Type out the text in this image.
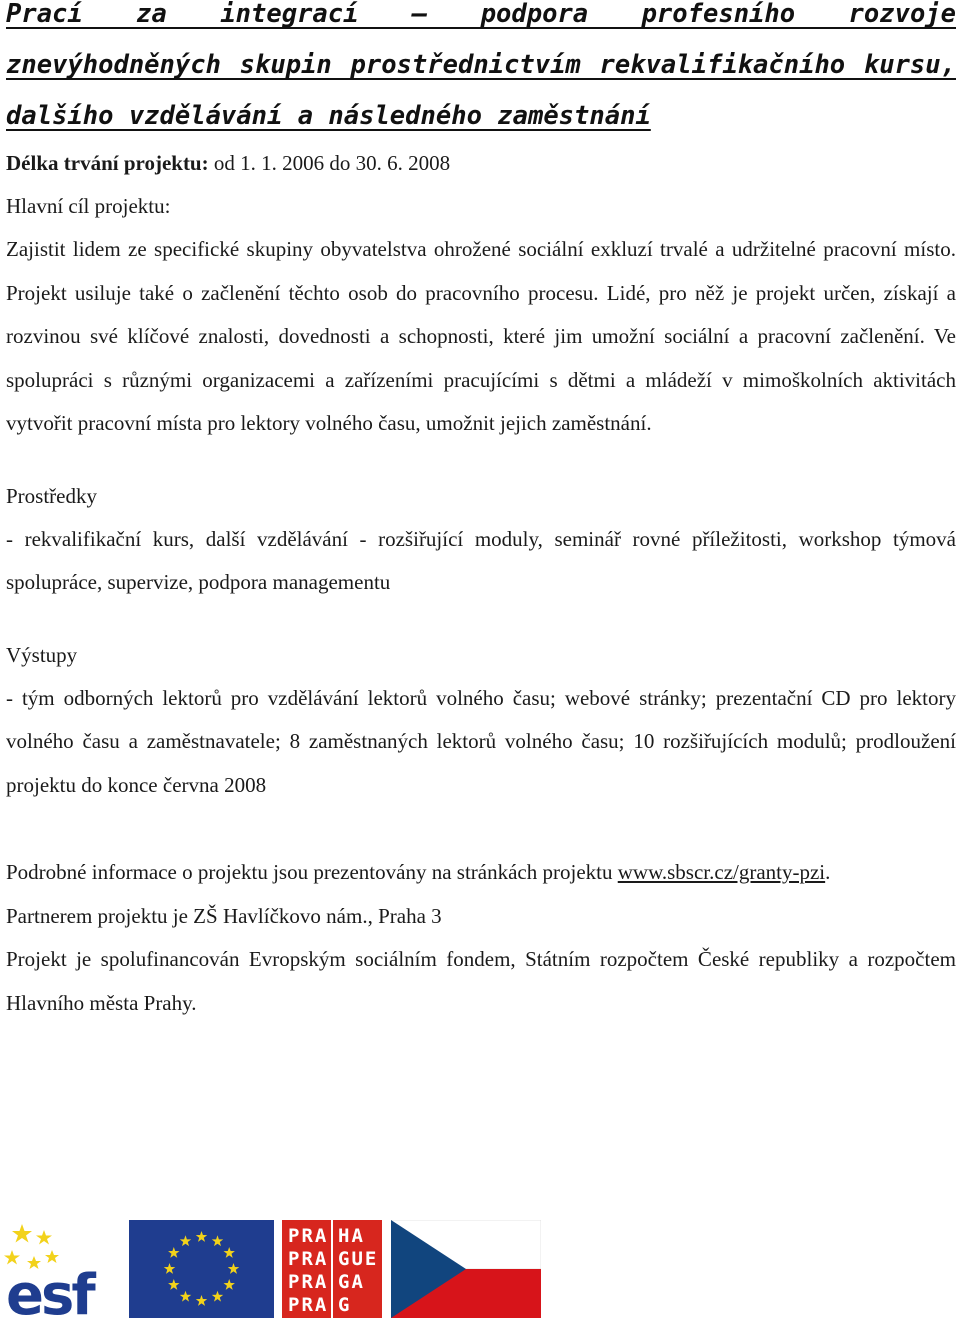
Prací za integrací – podpora profesního rozvoje znevýhodněných skupin prostřednictvím rekvalifikačního kursu, dalšího vzdělávání a následného zaměstnání

Délka trvání projektu: od 1. 1. 2006 do 30. 6. 2008

Hlavní cíl projektu:

Zajistit lidem ze specifické skupiny obyvatelstva ohrožené sociální exkluzí trvalé a udržitelné pracovní místo. Projekt usiluje také o začlenění těchto osob do pracovního procesu. Lidé, pro něž je projekt určen, získají a rozvinou své klíčové znalosti, dovednosti a schopnosti, které jim umožní sociální a pracovní začlenění. Ve spolupráci s různými organizacemi a zařízeními pracujícími s dětmi a mládeží v mimoškolních aktivitách vytvořit pracovní místa pro lektory volného času, umožnit jejich zaměstnání.

Prostředky

- rekvalifikační kurs, další vzdělávání - rozšiřující moduly, seminář rovné příležitosti, workshop týmová spolupráce, supervize, podpora managementu

Výstupy

- tým odborných lektorů pro vzdělávání lektorů volného času; webové stránky; prezentační CD pro lektory volného času a zaměstnavatele; 8 zaměstnaných lektorů volného času; 10 rozšiřujících modulů; prodloužení projektu do konce června 2008

Podrobné informace o projektu jsou prezentovány na stránkách projektu www.sbscr.cz/granty-pzi.

Partnerem projektu je ZŠ Havlíčkovo nám., Praha 3

Projekt je spolufinancován Evropským sociálním fondem, Státním rozpočtem České republiky a rozpočtem Hlavního města Prahy.

esf
PRA HA
PRA GUE
PRA GA
PRA G
